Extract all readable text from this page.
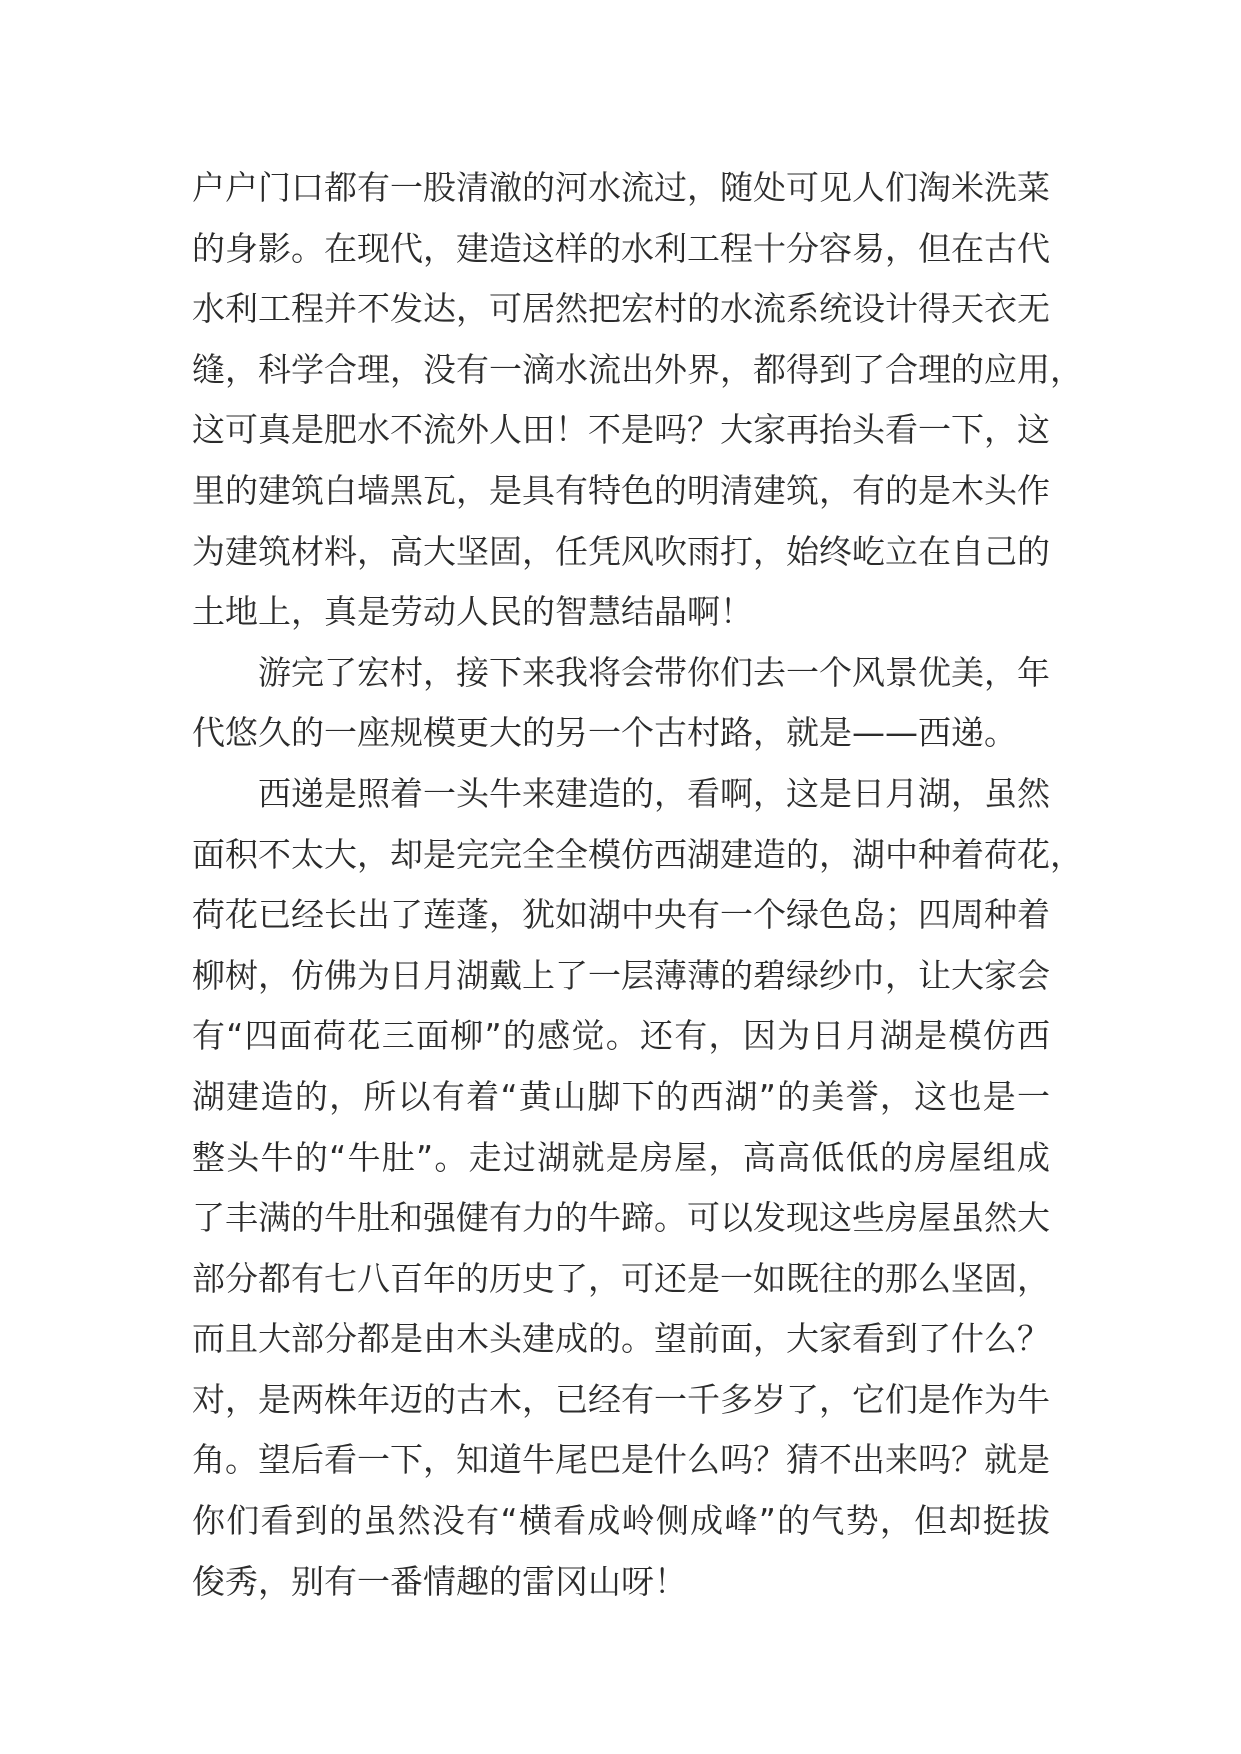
户户门口都有一股清澈的河水流过，随处可见人们淘米洗菜
的身影。在现代，建造这样的水利工程十分容易，但在古代
水利工程并不发达，可居然把宏村的水流系统设计得天衣无
缝，科学合理，没有一滴水流出外界，都得到了合理的应用，
这可真是肥水不流外人田！不是吗？大家再抬头看一下，这
里的建筑白墙黑瓦，是具有特色的明清建筑，有的是木头作
为建筑材料，高大坚固，任凭风吹雨打，始终屹立在自己的
土地上，真是劳动人民的智慧结晶啊！
游完了宏村，接下来我将会带你们去一个风景优美，年
代悠久的一座规模更大的另一个古村路，就是——西递。
西递是照着一头牛来建造的，看啊，这是日月湖，虽然
面积不太大，却是完完全全模仿西湖建造的，湖中种着荷花，
荷花已经长出了莲蓬，犹如湖中央有一个绿色岛；四周种着
柳树，仿佛为日月湖戴上了一层薄薄的碧绿纱巾，让大家会
有“四面荷花三面柳”的感觉。还有，因为日月湖是模仿西
湖建造的，所以有着“黄山脚下的西湖”的美誉，这也是一
整头牛的“牛肚”。走过湖就是房屋，高高低低的房屋组成
了丰满的牛肚和强健有力的牛蹄。可以发现这些房屋虽然大
部分都有七八百年的历史了，可还是一如既往的那么坚固，
而且大部分都是由木头建成的。望前面，大家看到了什么？
对，是两株年迈的古木，已经有一千多岁了，它们是作为牛
角。望后看一下，知道牛尾巴是什么吗？猜不出来吗？就是
你们看到的虽然没有“横看成岭侧成峰”的气势，但却挺拔
俊秀，别有一番情趣的雷冈山呀！
